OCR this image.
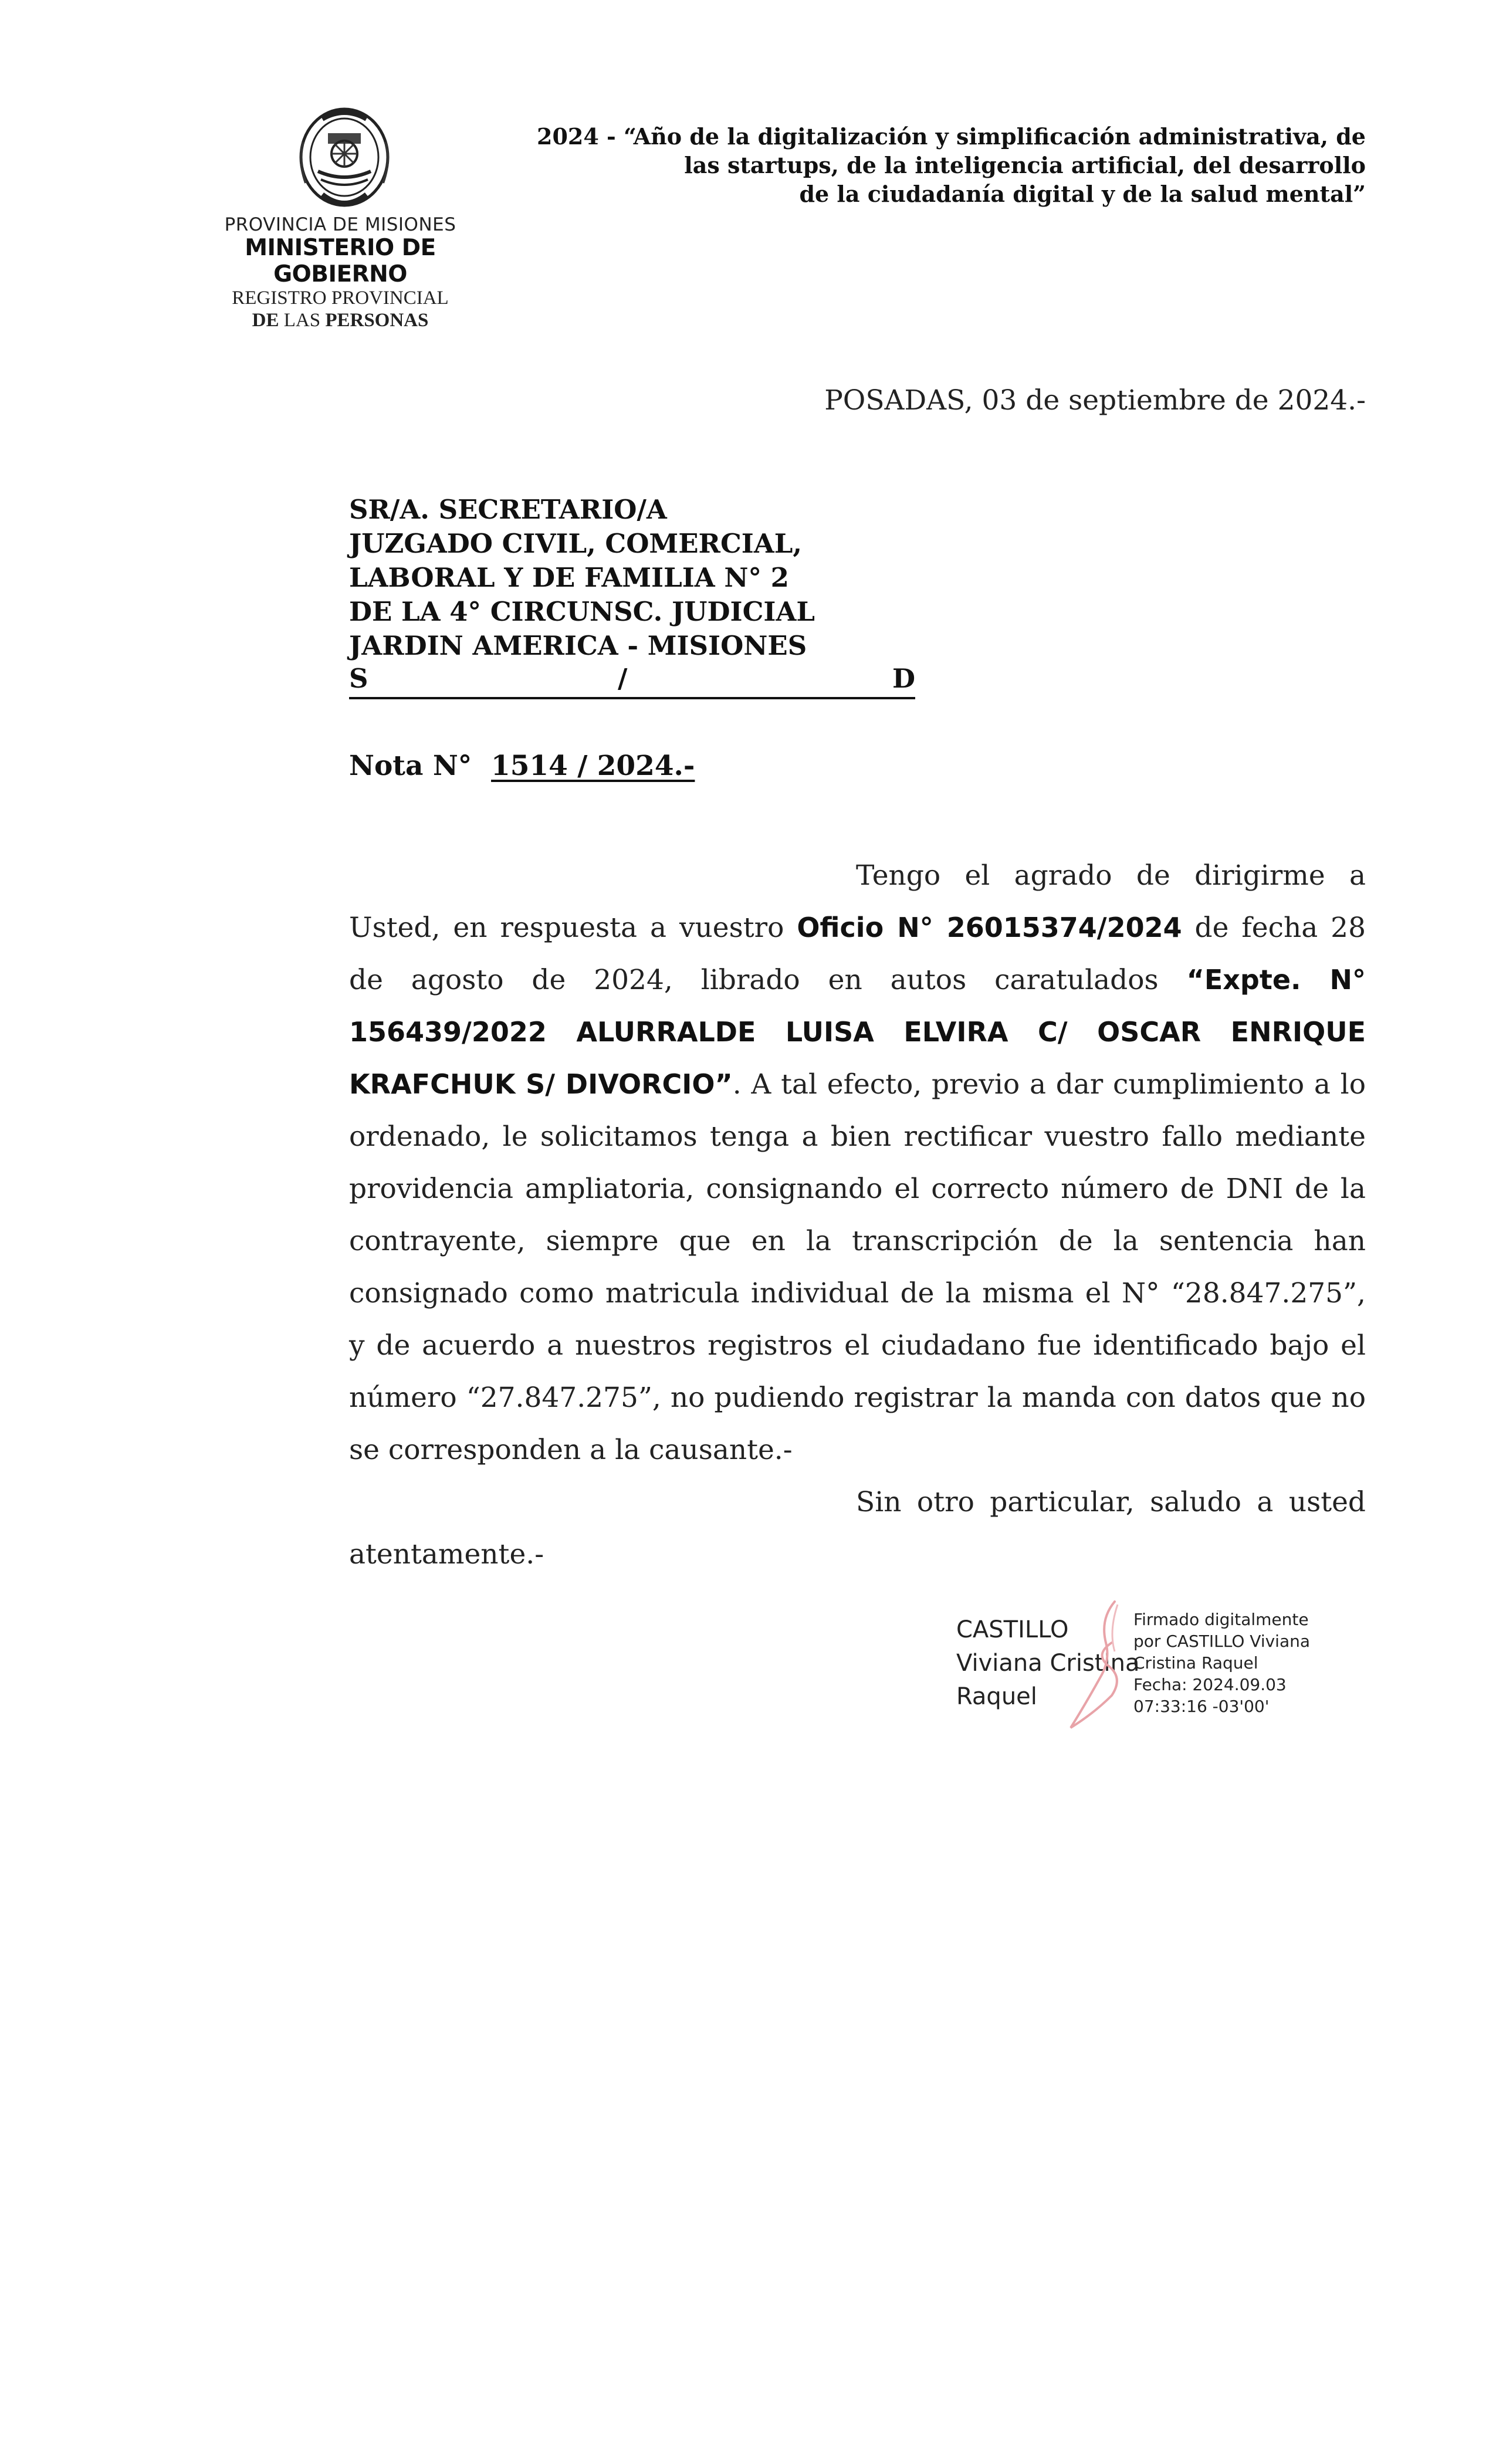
PROVINCIA DE MISIONES
MINISTERIO DE GOBIERNO
REGISTRO PROVINCIAL
DE LAS PERSONAS
2024 - “Año de la digitalización y simplificación administrativa, de
las startups, de la inteligencia artificial, del desarrollo
de la ciudadanía digital y de la salud mental”
POSADAS, 03 de septiembre de 2024.-
SR/A. SECRETARIO/A
JUZGADO CIVIL, COMERCIAL,
LABORAL Y DE FAMILIA N° 2
DE LA 4° CIRCUNSC. JUDICIAL
JARDIN AMERICA - MISIONES
S	/	D
Nota N° 1514 / 2024.-

Tengo el agrado de dirigirme a Usted, en respuesta a vuestro Oficio N° 26015374/2024 de fecha 28 de agosto de 2024, librado en autos caratulados “Expte. N° 156439/2022 ALURRALDE LUISA ELVIRA C/ OSCAR ENRIQUE KRAFCHUK S/ DIVORCIO”. A tal efecto, previo a dar cumplimiento a lo ordenado, le solicitamos tenga a bien rectificar vuestro fallo mediante providencia ampliatoria, consignando el correcto número de DNI de la contrayente, siempre que en la transcripción de la sentencia han consignado como matricula individual de la misma el N° “28.847.275”, y de acuerdo a nuestros registros el ciudadano fue identificado bajo el número “27.847.275”, no pudiendo registrar la manda con datos que no se corresponden a la causante.-

Sin otro particular, saludo a usted atentamente.-

CASTILLO
Viviana Cristina
Raquel
Firmado digitalmente
por CASTILLO Viviana
Cristina Raquel
Fecha: 2024.09.03
07:33:16 -03'00'
